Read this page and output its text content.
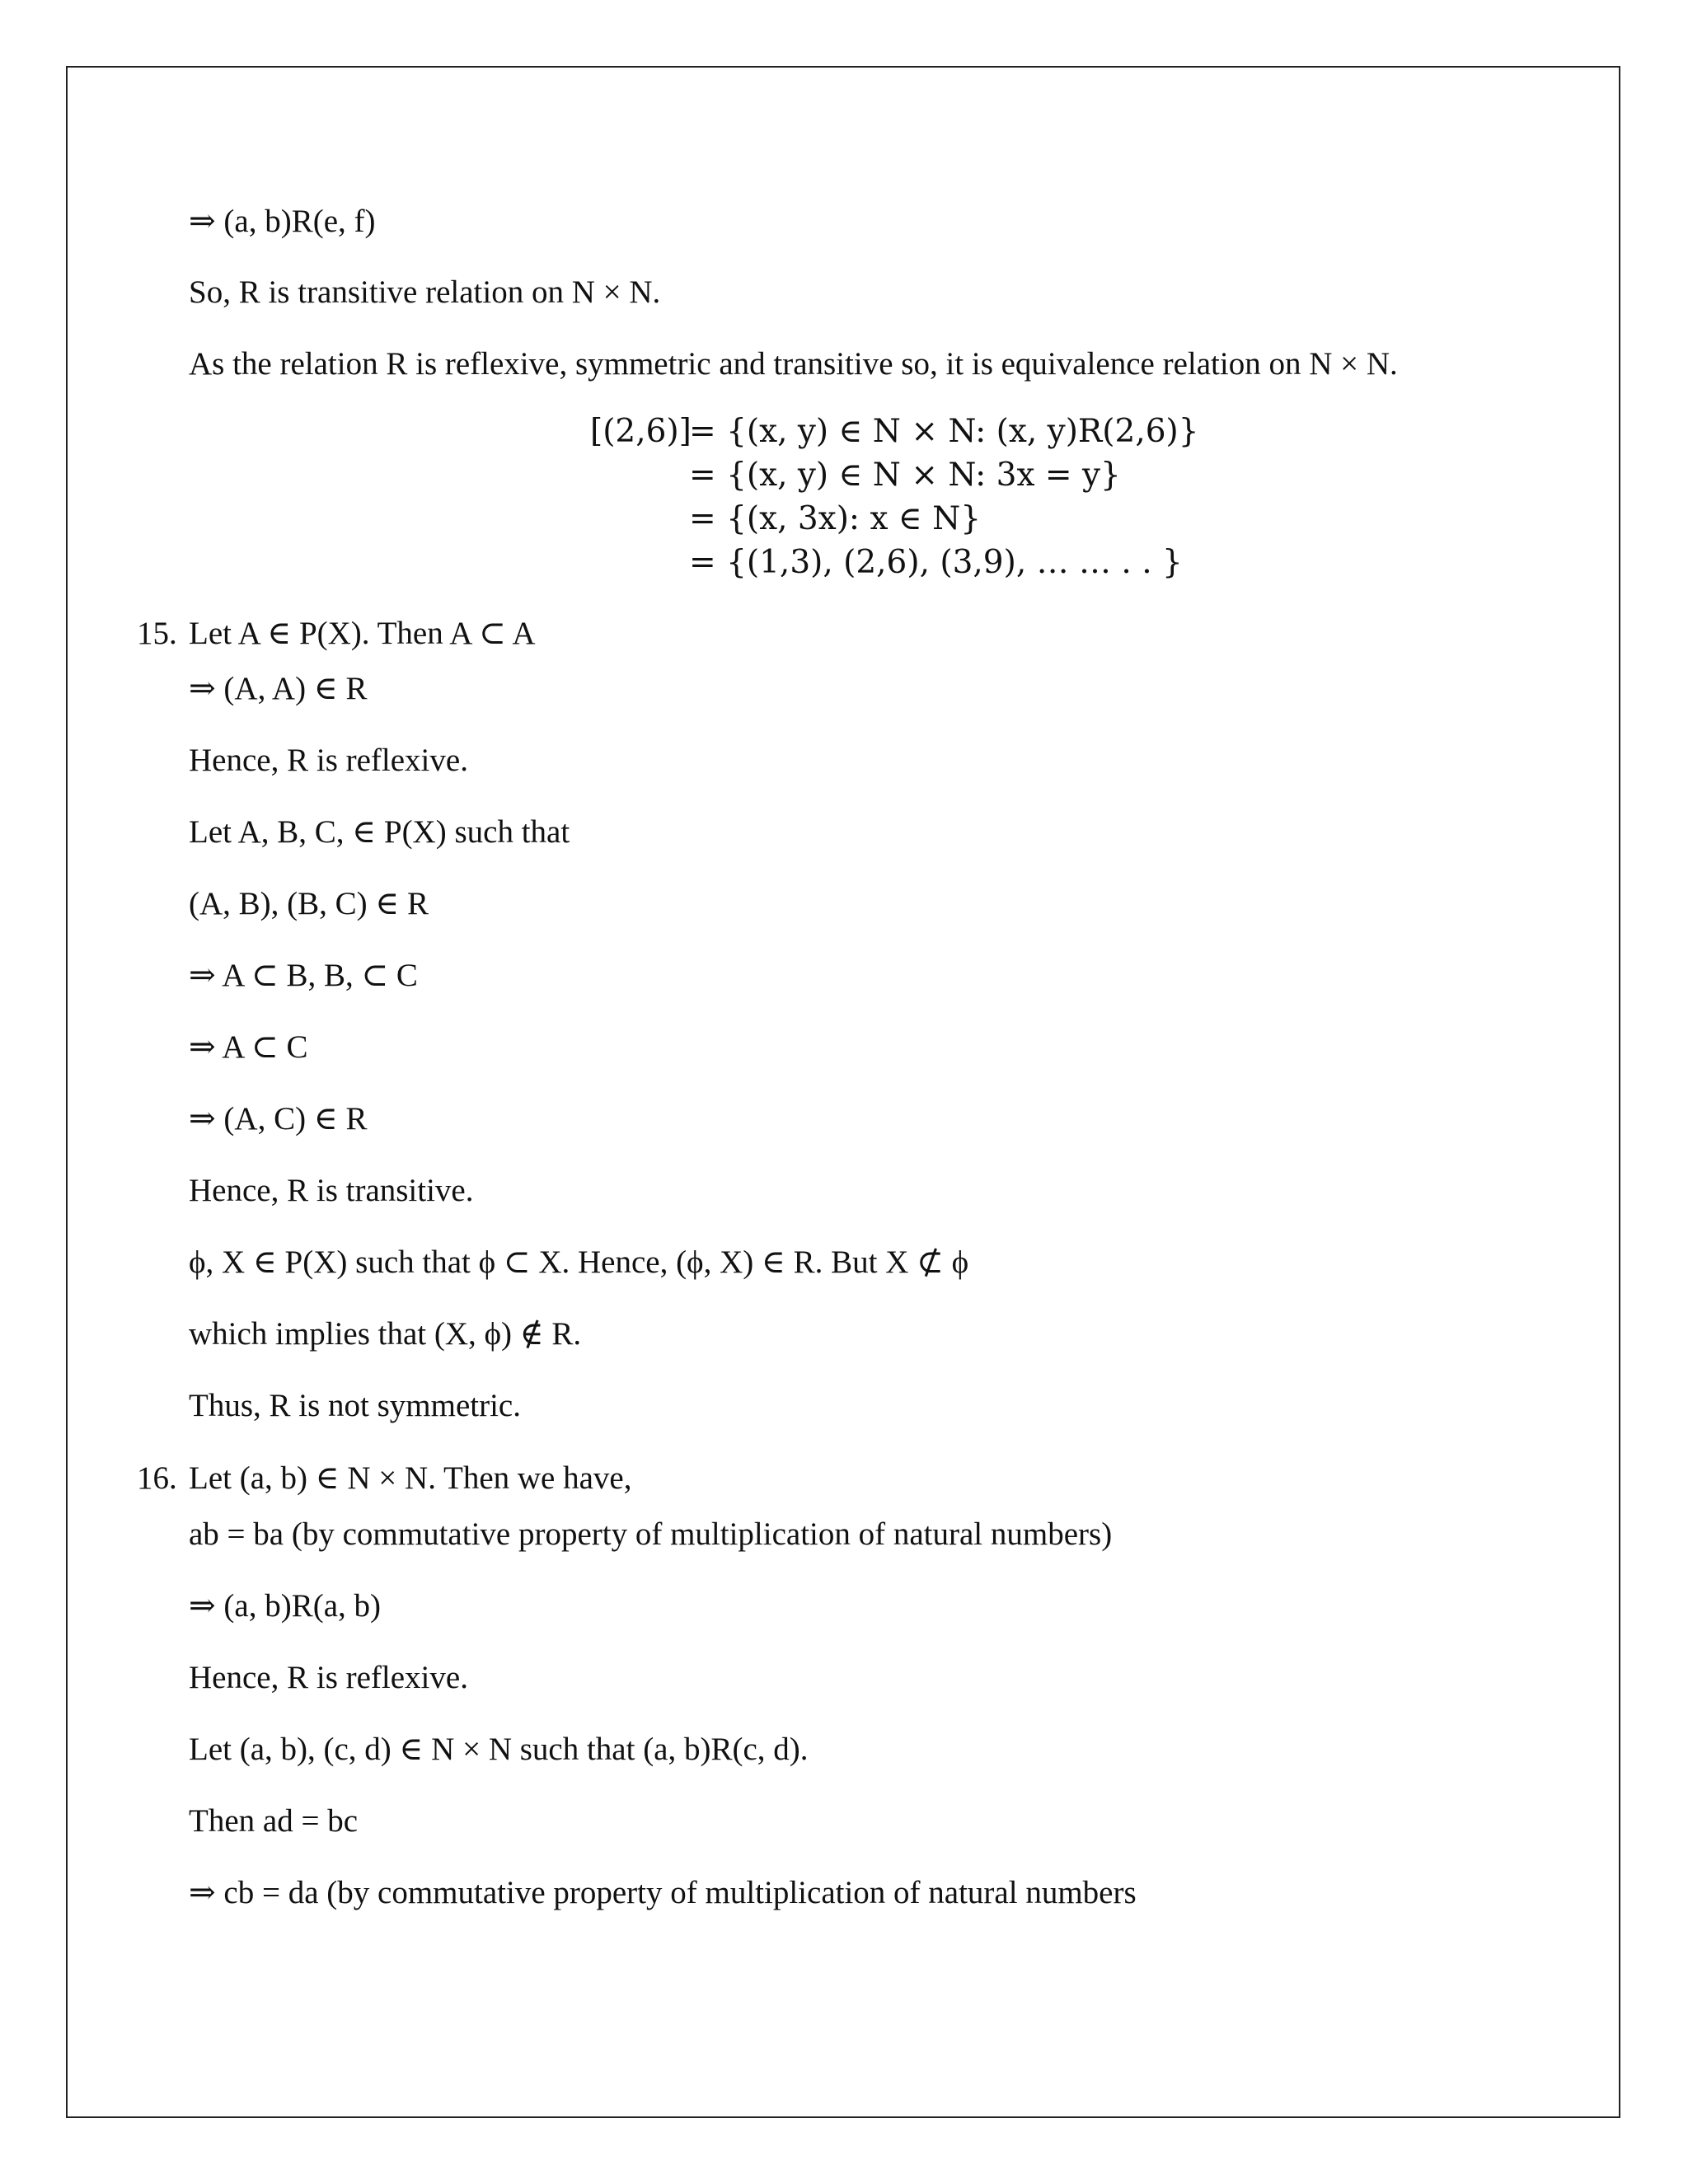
⇒ (a, b)R(e, f)
So, R is transitive relation on N × N.
As the relation R is reflexive, symmetric and transitive so, it is equivalence relation on N × N.
[(2,6)]
= {(x, y) ∈ N × N: (x, y)R(2,6)}
= {(x, y) ∈ N × N: 3x = y}
= {(x, 3x): x ∈ N}
= {(1,3), (2,6), (3,9), … … . . }
15. Let A ∈ P(X). Then A ⊂ A
⇒ (A, A) ∈ R
Hence, R is reflexive.
Let A, B, C, ∈ P(X) such that
(A, B), (B, C) ∈ R
⇒ A ⊂ B, B, ⊂ C
⇒ A ⊂ C
⇒ (A, C) ∈ R
Hence, R is transitive.
ϕ, X ∈ P(X) such that ϕ ⊂ X. Hence, (ϕ, X) ∈ R. But X ⊄ ϕ
which implies that (X, ϕ) ∉ R.
Thus, R is not symmetric.
16. Let (a, b) ∈ N × N. Then we have,
ab = ba (by commutative property of multiplication of natural numbers)
⇒ (a, b)R(a, b)
Hence, R is reflexive.
Let (a, b), (c, d) ∈ N × N such that (a, b)R(c, d).
Then ad = bc
⇒ cb = da (by commutative property of multiplication of natural numbers
